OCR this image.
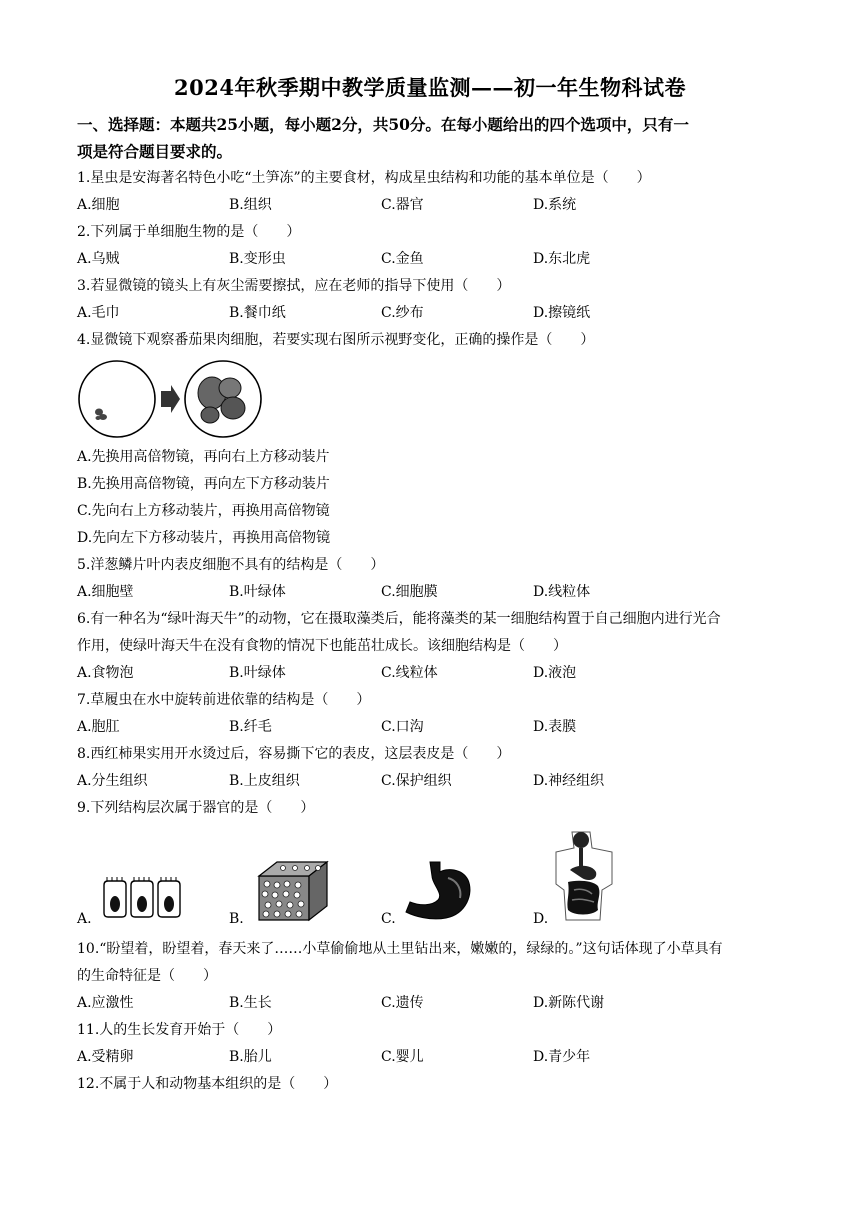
2024年秋季期中教学质量监测——初一年生物科试卷
一、选择题：本题共25小题，每小题2分，共50分。在每小题给出的四个选项中，只有一
项是符合题目要求的。
1.星虫是安海著名特色小吃“土笋冻”的主要食材，构成星虫结构和功能的基本单位是（　　）
A.细胞	B.组织	C.器官	D.系统
2.下列属于单细胞生物的是（　　）
A.乌贼	B.变形虫	C.金鱼	D.东北虎
3.若显微镜的镜头上有灰尘需要擦拭，应在老师的指导下使用（　　）
A.毛巾	B.餐巾纸	C.纱布	D.擦镜纸
4.显微镜下观察番茄果肉细胞，若要实现右图所示视野变化，正确的操作是（　　）
A.先换用高倍物镜，再向右上方移动装片
B.先换用高倍物镜，再向左下方移动装片
C.先向右上方移动装片，再换用高倍物镜
D.先向左下方移动装片，再换用高倍物镜
5.洋葱鳞片叶内表皮细胞不具有的结构是（　　）
A.细胞壁	B.叶绿体	C.细胞膜	D.线粒体
6.有一种名为“绿叶海天牛”的动物，它在摄取藻类后，能将藻类的某一细胞结构置于自己细胞内进行光合
作用，使绿叶海天牛在没有食物的情况下也能茁壮成长。该细胞结构是（　　）
A.食物泡	B.叶绿体	C.线粒体	D.液泡
7.草履虫在水中旋转前进依靠的结构是（　　）
A.胞肛	B.纤毛	C.口沟	D.表膜
8.西红柿果实用开水烫过后，容易撕下它的表皮，这层表皮是（　　）
A.分生组织	B.上皮组织	C.保护组织	D.神经组织
9.下列结构层次属于器官的是（　　）
A.	B.	C.	D.
10.“盼望着，盼望着，春天来了……小草偷偷地从土里钻出来，嫩嫩的，绿绿的。”这句话体现了小草具有
的生命特征是（　　）
A.应激性	B.生长	C.遗传	D.新陈代谢
11.人的生长发育开始于（　　）
A.受精卵	B.胎儿	C.婴儿	D.青少年
12.不属于人和动物基本组织的是（　　）
